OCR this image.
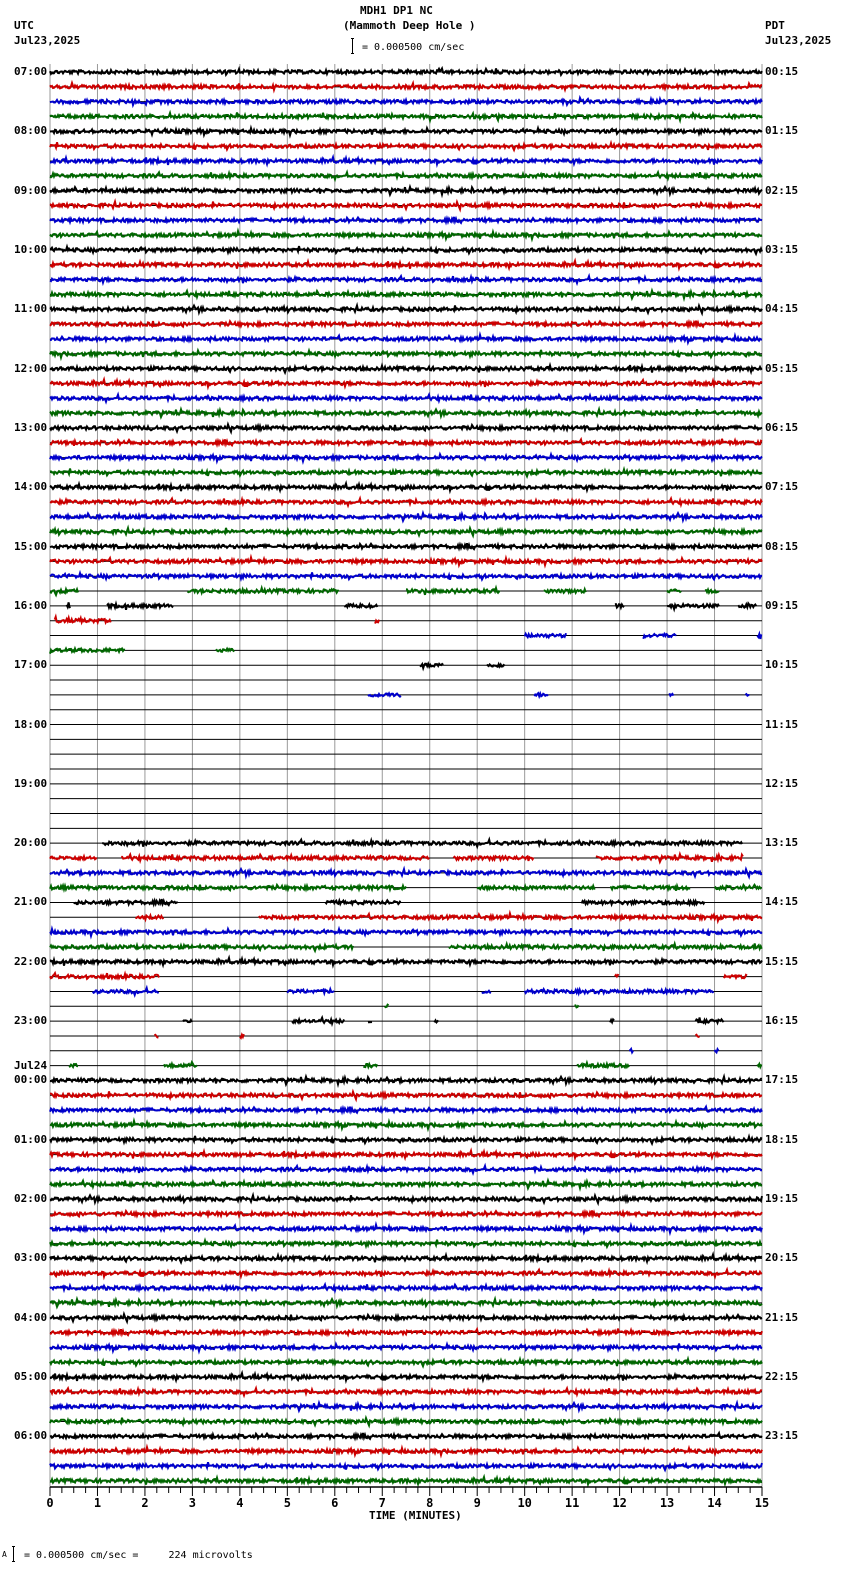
MDH1 DP1 NC
(Mammoth Deep Hole )
UTC
Jul23,2025
PDT
Jul23,2025
= 0.000500 cm/sec
0	1	2	3	4	5	6	7	8	9	10	11	12	13	14	15
TIME (MINUTES)
A = 0.000500 cm/sec =     224 microvolts
07:00
08:00
09:00
10:00
11:00
12:00
13:00
14:00
15:00
16:00
17:00
18:00
19:00
20:00
21:00
22:00
23:00
00:00
01:00
02:00
03:00
04:00
05:00
06:00
00:15
01:15
02:15
03:15
04:15
05:15
06:15
07:15
08:15
09:15
10:15
11:15
12:15
13:15
14:15
15:15
16:15
17:15
18:15
19:15
20:15
21:15
22:15
23:15
Jul24
